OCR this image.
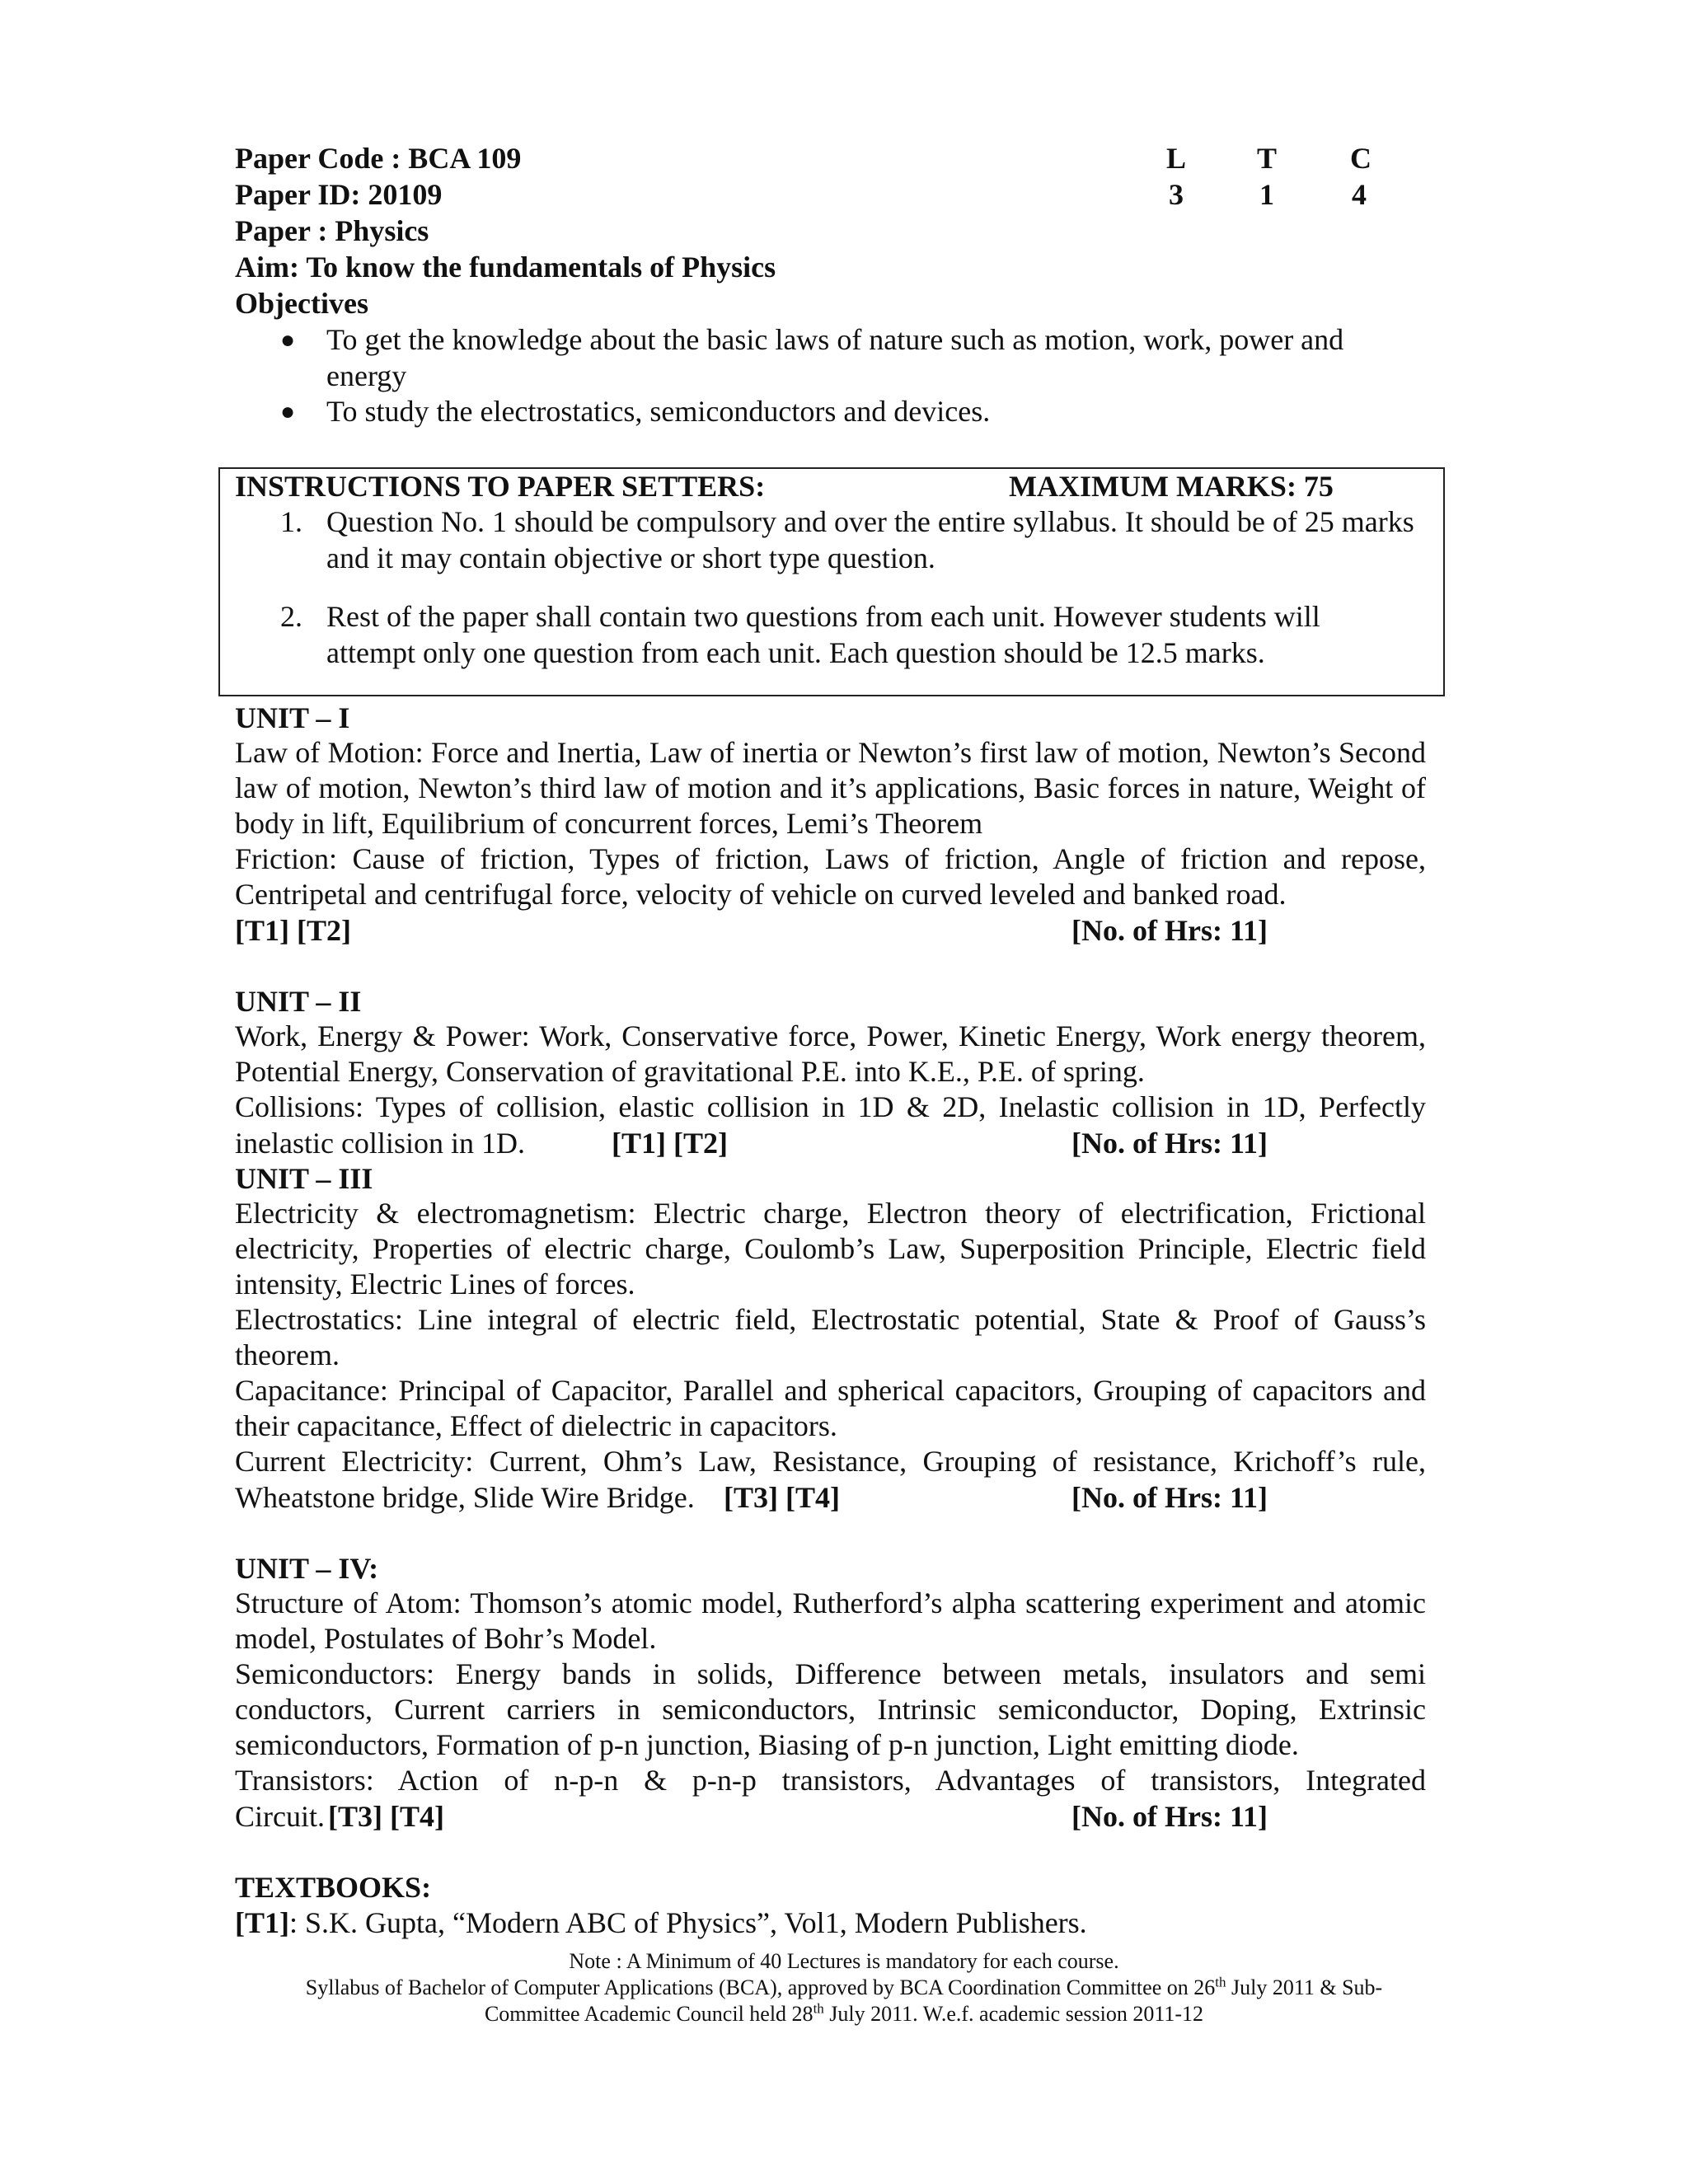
Paper Code : BCA 109
Paper ID: 20109
Paper : Physics
Aim: To know the fundamentals of Physics
Objectives
L T C
3	1	4
● To get the knowledge about the basic laws of nature such as motion, work, power and energy
● To study the electrostatics, semiconductors and devices.
INSTRUCTIONS TO PAPER SETTERS:	MAXIMUM MARKS: 75
1. Question No. 1 should be compulsory and over the entire syllabus. It should be of 25 marks and it may contain objective or short type question.
2. Rest of the paper shall contain two questions from each unit. However students will attempt only one question from each unit. Each question should be 12.5 marks.
UNIT – I
Law of Motion: Force and Inertia, Law of inertia or Newton’s first law of motion, Newton’s Second law of motion, Newton’s third law of motion and it’s applications, Basic forces in nature, Weight of body in lift, Equilibrium of concurrent forces, Lemi’s Theorem
Friction: Cause of friction, Types of friction, Laws of friction, Angle of friction and repose, Centripetal and centrifugal force, velocity of vehicle on curved leveled and banked road.
[T1] [T2]	[No. of Hrs: 11]
UNIT – II
Work, Energy & Power: Work, Conservative force, Power, Kinetic Energy, Work energy theorem, Potential Energy, Conservation of gravitational P.E. into K.E., P.E. of spring.
Collisions: Types of collision, elastic collision in 1D & 2D, Inelastic collision in 1D, Perfectly
inelastic collision in 1D.	[T1] [T2]	[No. of Hrs: 11]
UNIT – III
Electricity & electromagnetism: Electric charge, Electron theory of electrification, Frictional electricity, Properties of electric charge, Coulomb’s Law, Superposition Principle, Electric field intensity, Electric Lines of forces.
Electrostatics: Line integral of electric field, Electrostatic potential, State & Proof of Gauss’s theorem.
Capacitance: Principal of Capacitor, Parallel and spherical capacitors, Grouping of capacitors and their capacitance, Effect of dielectric in capacitors.
Current Electricity: Current, Ohm’s Law, Resistance, Grouping of resistance, Krichoff’s rule,
Wheatstone bridge, Slide Wire Bridge. [T3] [T4]	[No. of Hrs: 11]
UNIT – IV:
Structure of Atom: Thomson’s atomic model, Rutherford’s alpha scattering experiment and atomic model, Postulates of Bohr’s Model.
Semiconductors: Energy bands in solids, Difference between metals, insulators and semi conductors, Current carriers in semiconductors, Intrinsic semiconductor, Doping, Extrinsic semiconductors, Formation of p-n junction, Biasing of p-n junction, Light emitting diode.
Transistors: Action of n-p-n & p-n-p transistors, Advantages of transistors, Integrated
Circuit. [T3] [T4]	[No. of Hrs: 11]
TEXTBOOKS:
[T1]: S.K. Gupta, “Modern ABC of Physics”, Vol1, Modern Publishers.
Note : A Minimum of 40 Lectures is mandatory for each course.
Syllabus of Bachelor of Computer Applications (BCA), approved by BCA Coordination Committee on 26th July 2011 & Sub-
Committee Academic Council held 28th July 2011. W.e.f. academic session 2011-12
